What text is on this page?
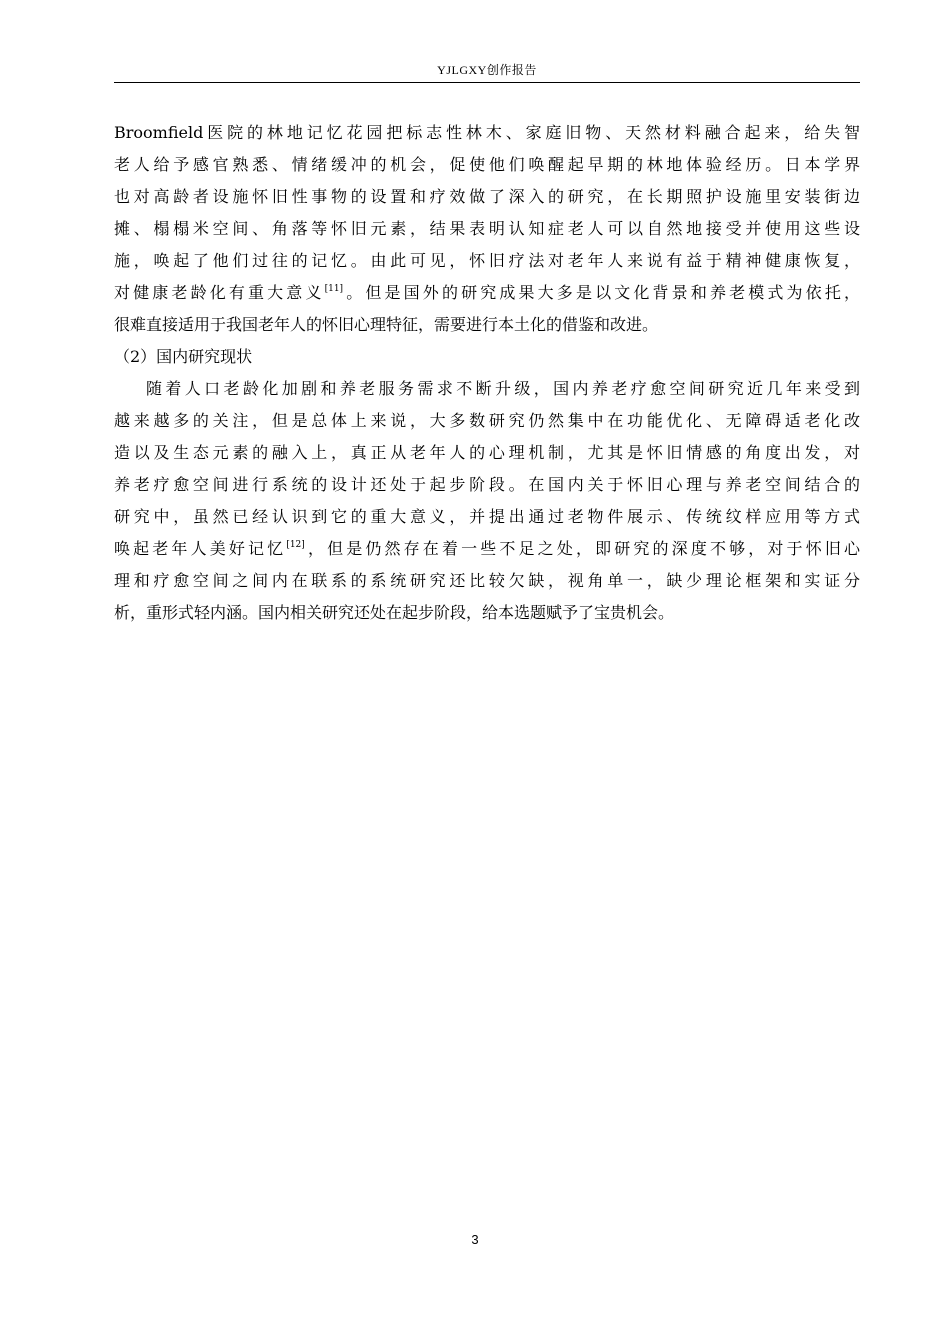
YJLGXY创作报告
Broomfield医院的林地记忆花园把标志性林木、家庭旧物、天然材料融合起来，给失智
老人给予感官熟悉、情绪缓冲的机会，促使他们唤醒起早期的林地体验经历。日本学界
也对高龄者设施怀旧性事物的设置和疗效做了深入的研究，在长期照护设施里安装街边
摊、榻榻米空间、角落等怀旧元素，结果表明认知症老人可以自然地接受并使用这些设
施，唤起了他们过往的记忆。由此可见，怀旧疗法对老年人来说有益于精神健康恢复，
对健康老龄化有重大意义[11]。但是国外的研究成果大多是以文化背景和养老模式为依托，
很难直接适用于我国老年人的怀旧心理特征，需要进行本土化的借鉴和改进。
（2）国内研究现状
随着人口老龄化加剧和养老服务需求不断升级，国内养老疗愈空间研究近几年来受到
越来越多的关注，但是总体上来说，大多数研究仍然集中在功能优化、无障碍适老化改
造以及生态元素的融入上，真正从老年人的心理机制，尤其是怀旧情感的角度出发，对
养老疗愈空间进行系统的设计还处于起步阶段。在国内关于怀旧心理与养老空间结合的
研究中，虽然已经认识到它的重大意义，并提出通过老物件展示、传统纹样应用等方式
唤起老年人美好记忆[12]，但是仍然存在着一些不足之处，即研究的深度不够，对于怀旧心
理和疗愈空间之间内在联系的系统研究还比较欠缺，视角单一，缺少理论框架和实证分
析，重形式轻内涵。国内相关研究还处在起步阶段，给本选题赋予了宝贵机会。
3
